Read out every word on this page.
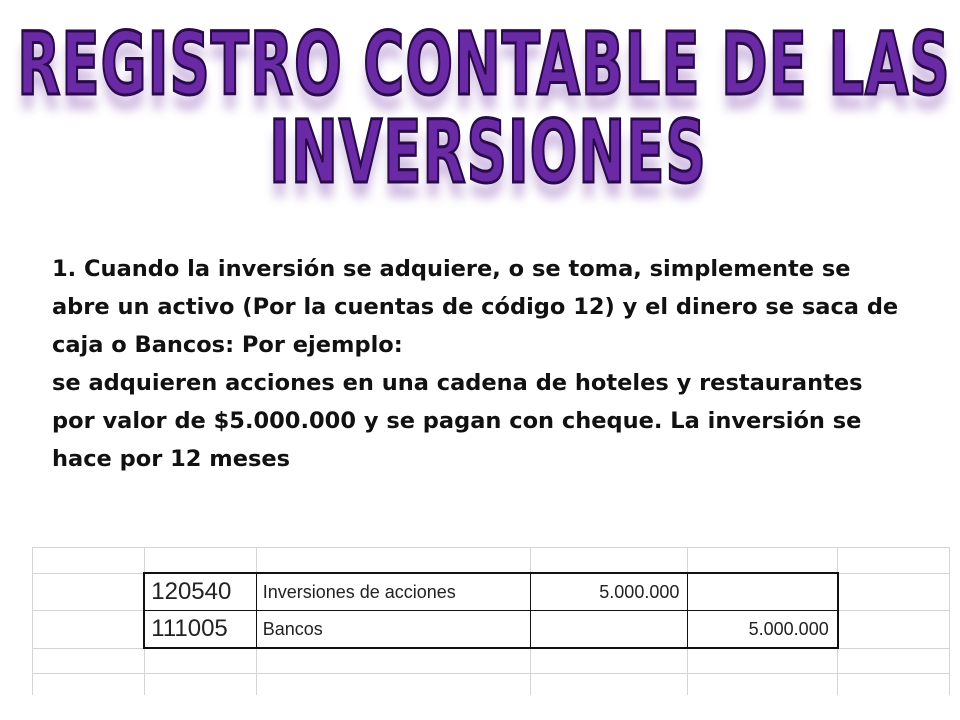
REGISTRO CONTABLE DE LAS
INVERSIONES

1. Cuando la inversión se adquiere, o se toma, simplemente se abre un activo (Por la cuentas de código 12) y el dinero se saca de caja o Bancos: Por ejemplo:

se adquieren acciones en una cadena de hoteles y restaurantes por valor de $5.000.000 y se pagan con cheque. La inversión se hace por 12 meses

	120540	Inversiones de acciones	5.000.000		
	111005	Bancos		5.000.000	
